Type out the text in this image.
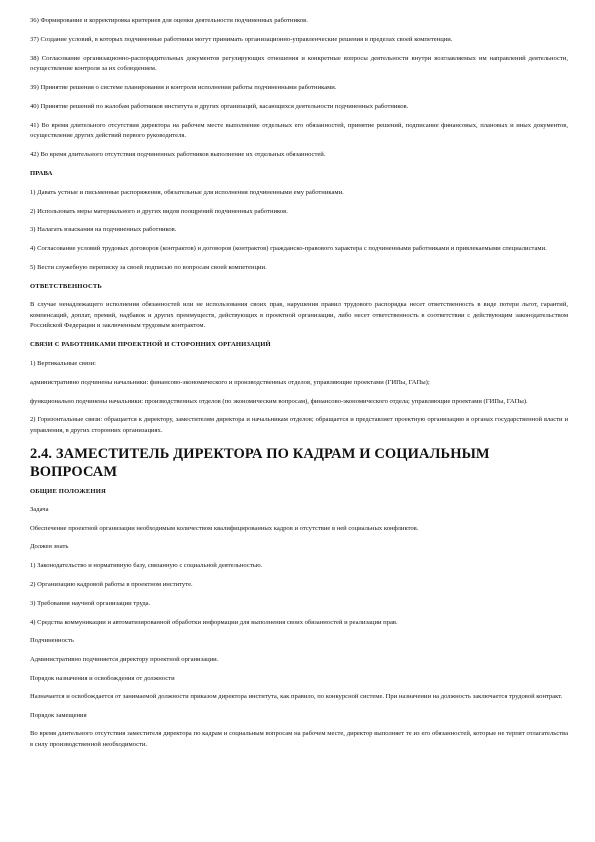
36) Формирование и корректировка критериев для оценки деятельности подчиненных работников.
37) Создание условий, в которых подчиненные работники могут принимать организационно-управленческие решения в пределах своей компетенции.
38) Согласование организационно-распорядительных документов регулирующих отношения и конкретные вопросы деятельности внутри возглавляемых им направлений деятельности, осуществление контроля за их соблюдением.
39) Принятие решения о системе планирования и контроля исполнения работы подчиненными работниками.
40) Принятие решений по жалобам работников института и других организаций, касающихся деятельности подчиненных работников.
41) Во время длительного отсутствия директора на рабочем месте выполнение отдельных его обязанностей, принятие решений, подписание финансовых, плановых и иных документов, осуществление других действий первого руководителя.
42) Во время длительного отсутствия подчиненных работников выполнение их отдельных обязанностей.
ПРАВА
1) Давать устные и письменные распоряжения, обязательные для исполнения подчиненными ему работниками.
2) Использовать меры материального и других видов поощрений подчиненных работников.
3) Налагать взыскания на подчиненных работников.
4) Согласование условий трудовых договоров (контрактов) и договоров (контрактов) гражданско-правового характера с подчиненными работниками и привлекаемыми специалистами.
5) Вести служебную переписку за своей подписью по вопросам своей компетенции.
ОТВЕТСТВЕННОСТЬ
В случае ненадлежащего исполнения обязанностей или не использования своих прав, нарушения правил трудового распорядка несет ответственность в виде потери льгот, гарантий, компенсаций, доплат, премий, надбавок и других преимуществ, действующих в проектной организации, либо несет ответственность в соответствии с действующим законодательством Российской Федерации и заключенным трудовым контрактом.
СВЯЗИ С РАБОТНИКАМИ ПРОЕКТНОЙ И СТОРОННИХ ОРГАНИЗАЦИЙ
1) Вертикальные связи:
административно подчинены начальники: финансово-экономического и производственных отделов, управляющие проектами (ГИПы, ГАПы);
функционально подчинены начальники: производственных отделов (по экономическим вопросам), финансово-экономического отдела; управляющие проектами (ГИПы, ГАПы).
2) Горизонтальные связи: обращается к директору, заместителям директора и начальникам отделов; обращается и представляет проектную организацию в органах государственной власти и управления, в других сторонних организациях.
2.4. ЗАМЕСТИТЕЛЬ ДИРЕКТОРА ПО КАДРАМ И СОЦИАЛЬНЫМ ВОПРОСАМ
ОБЩИЕ ПОЛОЖЕНИЯ
Задача
Обеспечение проектной организации необходимым количеством квалифицированных кадров и отсутствие в ней социальных конфликтов.
Должен знать
1) Законодательство и нормативную базу, связанную с социальной деятельностью.
2) Организацию кадровой работы в проектном институте.
3) Требования научной организации труда.
4) Средства коммуникации и автоматизированной обработки информации для выполнения своих обязанностей и реализации прав.
Подчиненность
Административно подчиняется директору проектной организации.
Порядок назначения и освобождения от должности
Назначается и освобождается от занимаемой должности приказом директора института, как правило, по конкурсной системе. При назначении на должность заключается трудовой контракт.
Порядок замещения
Во время длительного отсутствия заместителя директора по кадрам и социальным вопросам на рабочем месте, директор выполняет те из его обязанностей, которые не терпят отлагательства в силу производственной необходимости.
